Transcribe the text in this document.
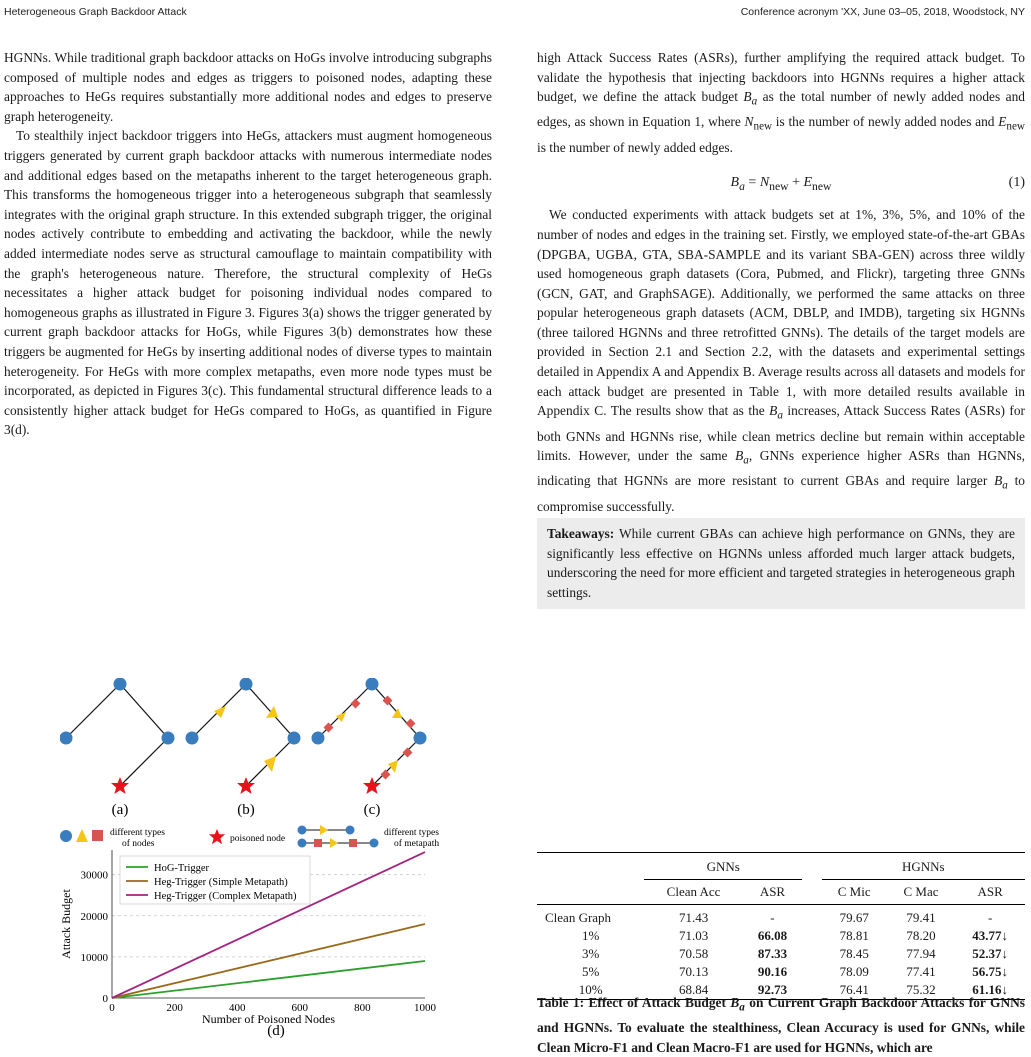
Heterogeneous Graph Backdoor Attack	Conference acronym 'XX, June 03–05, 2018, Woodstock, NY

HGNNs. While traditional graph backdoor attacks on HoGs involve introducing subgraphs composed of multiple nodes and edges as triggers to poisoned nodes, adapting these approaches to HeGs requires substantially more additional nodes and edges to preserve graph heterogeneity.

To stealthily inject backdoor triggers into HeGs, attackers must augment homogeneous triggers generated by current graph backdoor attacks with numerous intermediate nodes and additional edges based on the metapaths inherent to the target heterogeneous graph. This transforms the homogeneous trigger into a heterogeneous subgraph that seamlessly integrates with the original graph structure. In this extended subgraph trigger, the original nodes actively contribute to embedding and activating the backdoor, while the newly added intermediate nodes serve as structural camouflage to maintain compatibility with the graph's heterogeneous nature. Therefore, the structural complexity of HeGs necessitates a higher attack budget for poisoning individual nodes compared to homogeneous graphs as illustrated in Figure 3. Figures 3(a) shows the trigger generated by current graph backdoor attacks for HoGs, while Figures 3(b) demonstrates how these triggers be augmented for HeGs by inserting additional nodes of diverse types to maintain heterogeneity. For HeGs with more complex metapaths, even more node types must be incorporated, as depicted in Figures 3(c). This fundamental structural difference leads to a consistently higher attack budget for HeGs compared to HoGs, as quantified in Figure 3(d).

(a)	(b)	(c)
different types
of nodes	poisoned node
different types
of metapath
0
10000
20000
30000
0	200	400	600	800	1000
Number of Poisoned Nodes
Attack Budget
HoG-Trigger
Heg-Trigger (Simple Metapath)
Heg-Trigger (Complex Metapath)
(d)

high Attack Success Rates (ASRs), further amplifying the required attack budget. To validate the hypothesis that injecting backdoors into HGNNs requires a higher attack budget, we define the attack budget $B_a$ as the total number of newly added nodes and edges, as shown in Equation 1, where $N_{new}$ is the number of newly added nodes and $E_{new}$ is the number of newly added edges.

$B_a = N_{new} + E_{new}$	(1)

We conducted experiments with attack budgets set at 1%, 3%, 5%, and 10% of the number of nodes and edges in the training set. Firstly, we employed state-of-the-art GBAs (DPGBA, UGBA, GTA, SBA-SAMPLE and its variant SBA-GEN) across three wildly used homogeneous graph datasets (Cora, Pubmed, and Flickr), targeting three GNNs (GCN, GAT, and GraphSAGE). Additionally, we performed the same attacks on three popular heterogeneous graph datasets (ACM, DBLP, and IMDB), targeting six HGNNs (three tailored HGNNs and three retrofitted GNNs). The details of the target models are provided in Section 2.1 and Section 2.2, with the datasets and experimental settings detailed in Appendix A and Appendix B. Average results across all datasets and models for each attack budget are presented in Table 1, with more detailed results available in Appendix C. The results show that as the $B_a$ increases, Attack Success Rates (ASRs) for both GNNs and HGNNs rise, while clean metrics decline but remain within acceptable limits. However, under the same $B_a$, GNNs experience higher ASRs than HGNNs, indicating that HGNNs are more resistant to current GBAs and require larger $B_a$ to compromise successfully.

Takeaways: While current GBAs can achieve high performance on GNNs, they are significantly less effective on HGNNs unless afforded much larger attack budgets, underscoring the need for more efficient and targeted strategies in heterogeneous graph settings.
	GNNs			HGNNs		
	Clean Acc	ASR		C Mic	C Mac	ASR
Clean Graph	71.43	-		79.67	79.41	-
1%	71.03	66.08		78.81	78.20	43.77↓
3%	70.58	87.33		78.45	77.94	52.37↓
5%	70.13	90.16		78.09	77.41	56.75↓
10%	68.84	92.73		76.41	75.32	61.16↓
Table 1: Effect of Attack Budget $B_a$ on Current Graph Backdoor Attacks for GNNs and HGNNs. To evaluate the stealthiness, Clean Accuracy is used for GNNs, while Clean Micro-F1 and Clean Macro-F1 are used for HGNNs, which are
